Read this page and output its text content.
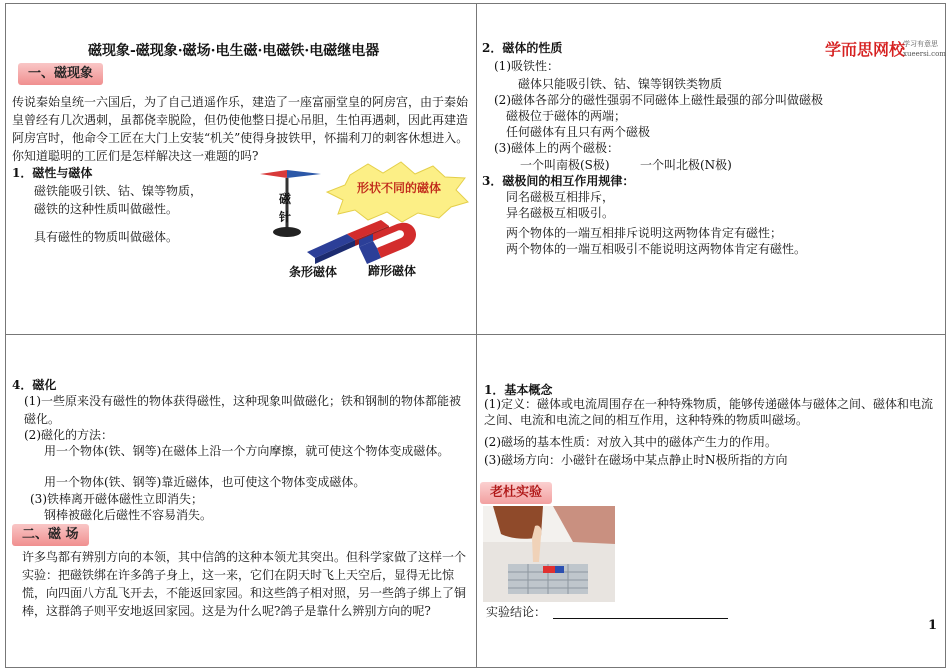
磁现象-磁现象·磁场·电生磁·电磁铁·电磁继电器
一、磁现象
传说秦始皇统一六国后，为了自己逍遥作乐，建造了一座富丽堂皇的阿房宫，由于秦始皇曾经有几次遇刺，虽都侥幸脱险，但仍使他整日提心吊胆，生怕再遇刺，因此再建造阿房宫时，他命令工匠在大门上安装“机关”使得身披铁甲，怀揣利刀的刺客休想进入。你知道聪明的工匠们是怎样解决这一难题的吗?
1．磁性与磁体
磁铁能吸引铁、钴、镍等物质，
磁铁的这种性质叫做磁性。
具有磁性的物质叫做磁体。
形状不同的磁体
磁
针
条形磁体	蹄形磁体
学而思网校
学习有意思
xueersi.com
2．磁体的性质
(1)吸铁性：
磁体只能吸引铁、钴、镍等钢铁类物质
(2)磁体各部分的磁性强弱不同磁体上磁性最强的部分叫做磁极
磁极位于磁体的两端；
任何磁体有且只有两个磁极
(3)磁体上的两个磁极：
一个叫南极(S极)	一个叫北极(N极)
3．磁极间的相互作用规律：
同名磁极互相排斥，
异名磁极互相吸引。
两个物体的一端互相排斥说明这两物体肯定有磁性；
两个物体的一端互相吸引不能说明这两物体肯定有磁性。
4．磁化
(1)一些原来没有磁性的物体获得磁性，这种现象叫做磁化；铁和钢制的物体都能被磁化。
(2)磁化的方法：
用一个物体(铁、钢等)在磁体上沿一个方向摩擦，就可使这个物体变成磁体。
用一个物体(铁、钢等)靠近磁体，也可使这个物体变成磁体。
(3)铁棒离开磁体磁性立即消失；
钢棒被磁化后磁性不容易消失。
二、磁 场
许多鸟都有辨别方向的本领，其中信鸽的这种本领尤其突出。但科学家做了这样一个实验：把磁铁绑在许多鸽子身上，这一来，它们在阴天时飞上天空后，显得无比惊慌，向四面八方乱飞开去，不能返回家园。和这些鸽子相对照，另一些鸽子绑上了铜棒，这群鸽子则平安地返回家园。这是为什么呢?鸽子是靠什么辨别方向的呢?
1．基本概念
(1)定义：磁体或电流周围存在一种特殊物质，能够传递磁体与磁体之间、磁体和电流之间、电流和电流之间的相互作用，这种特殊的物质叫磁场。
(2)磁场的基本性质：对放入其中的磁体产生力的作用。
(3)磁场方向：小磁针在磁场中某点静止时N极所指的方向
老杜实验
实验结论：
1
